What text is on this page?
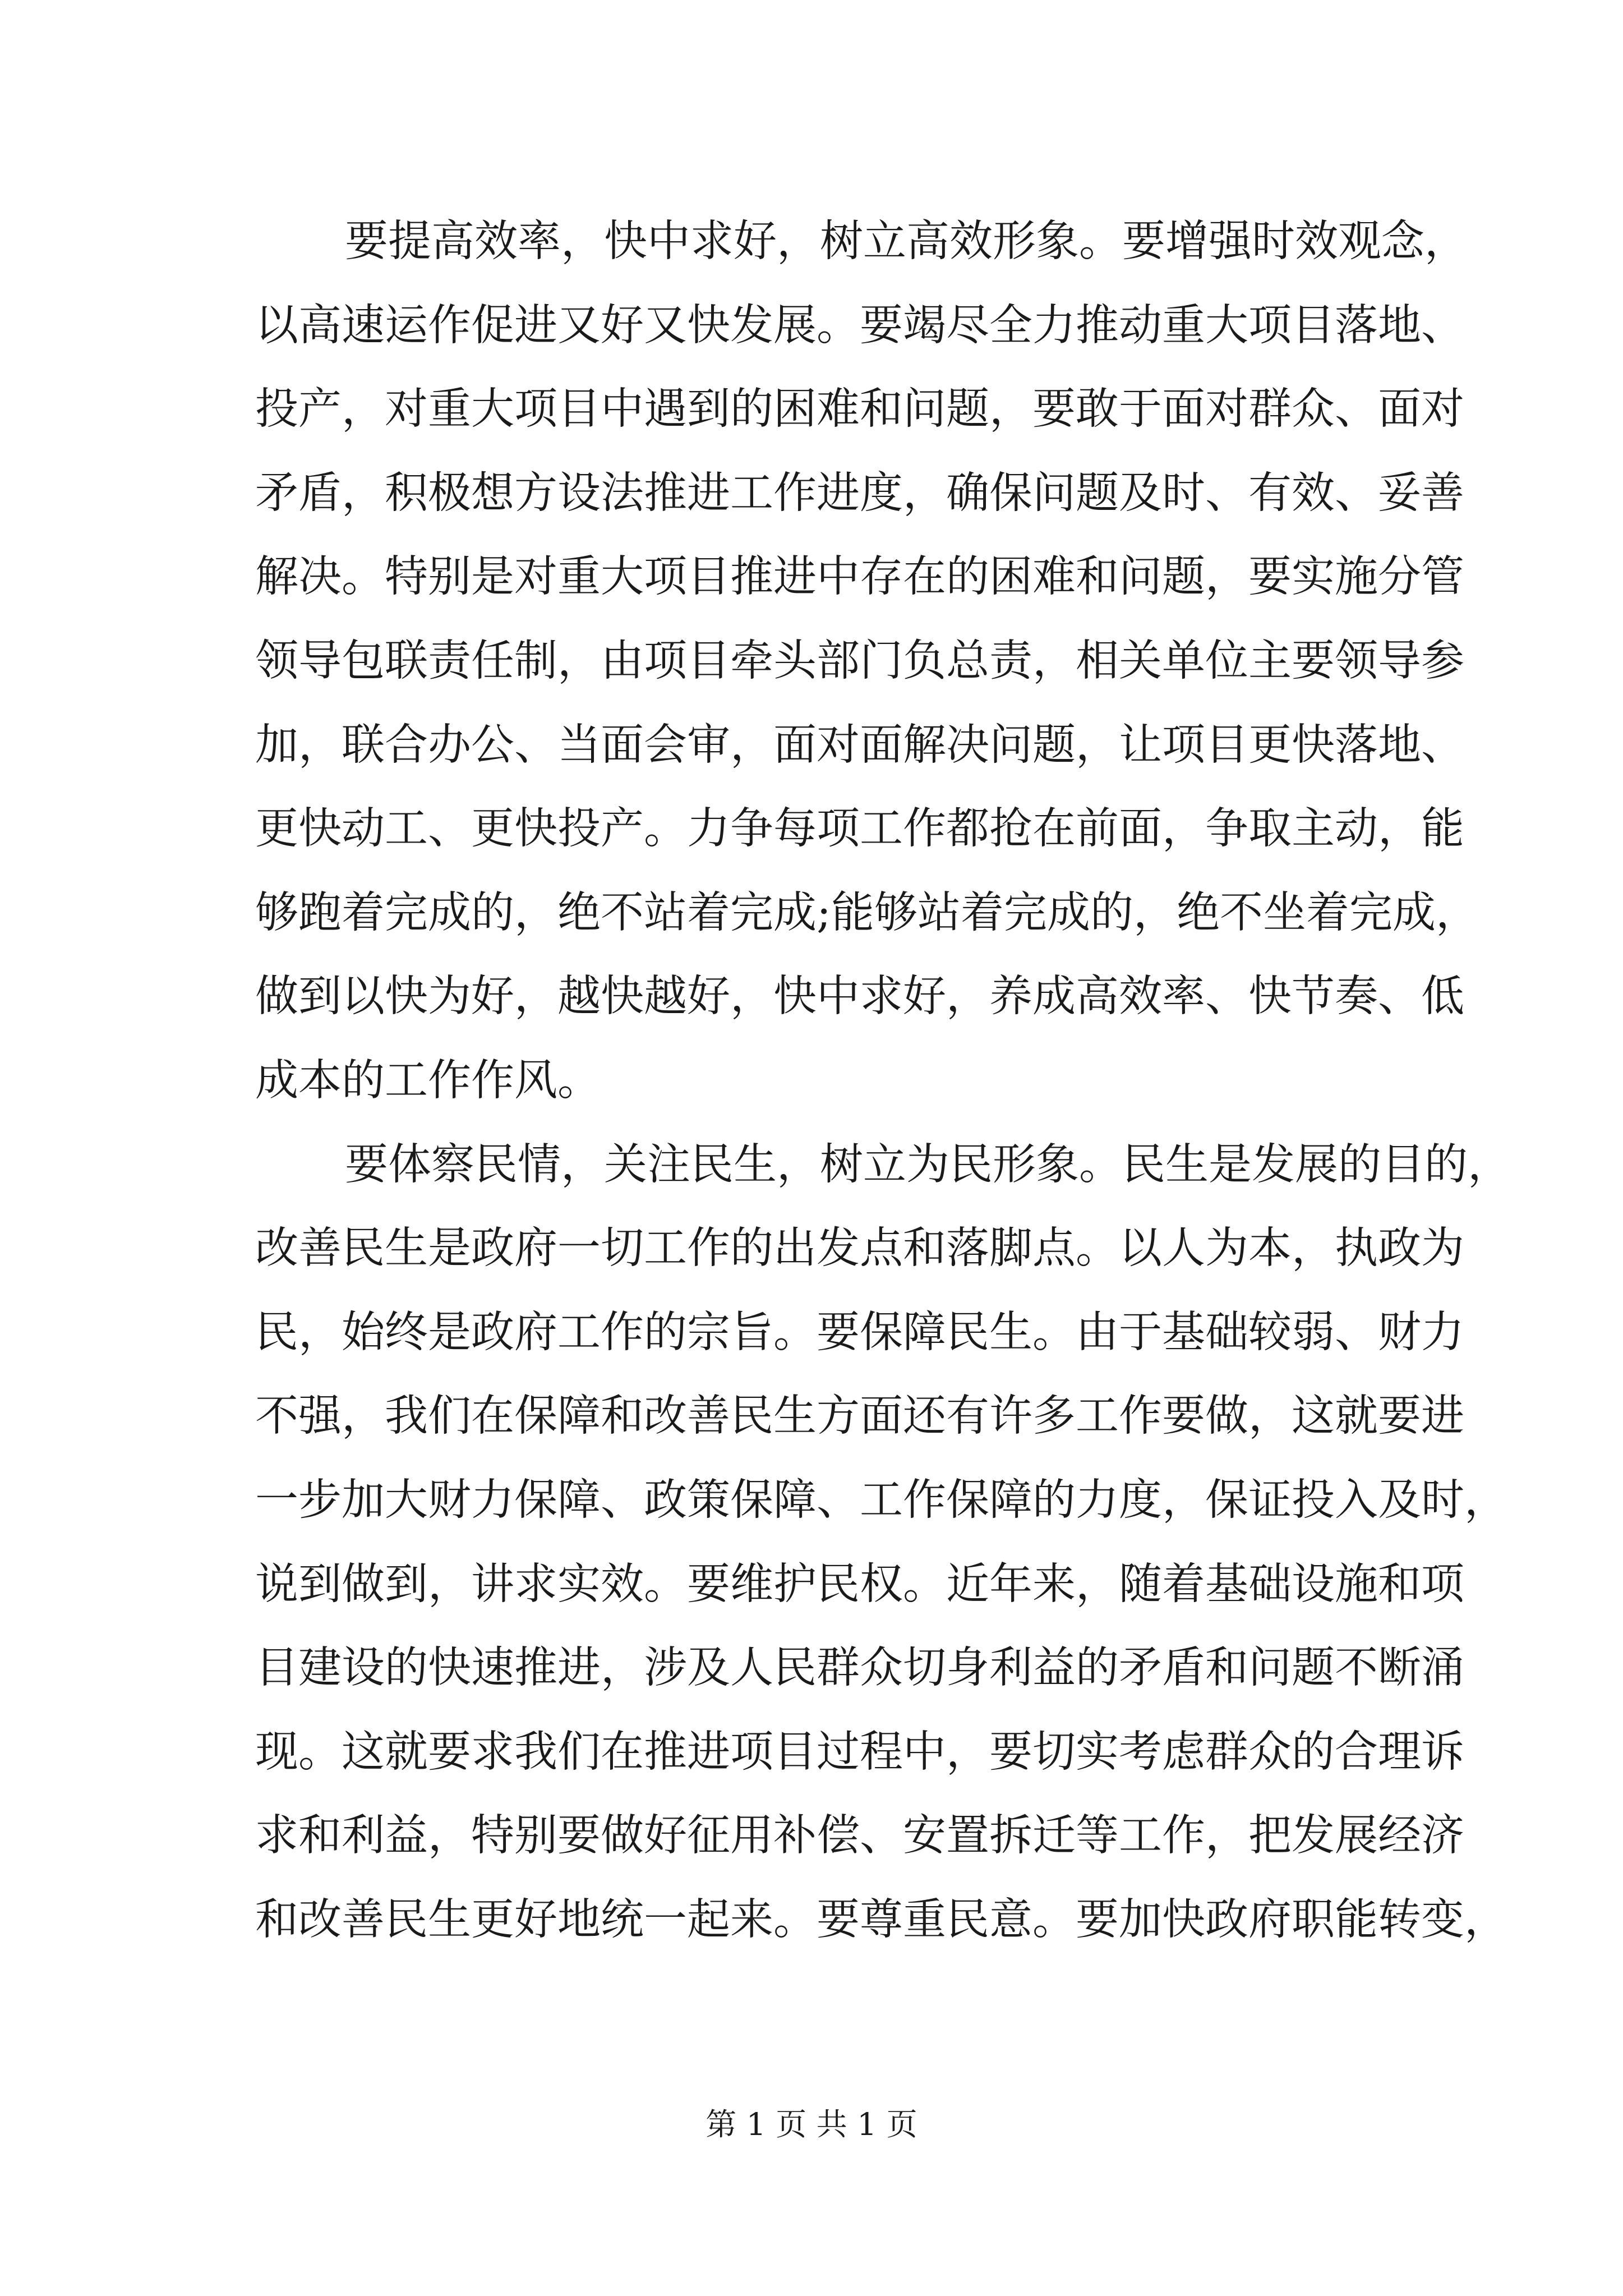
要提高效率，快中求好，树立高效形象。要增强时效观念，
以高速运作促进又好又快发展。要竭尽全力推动重大项目落地、
投产，对重大项目中遇到的困难和问题，要敢于面对群众、面对
矛盾，积极想方设法推进工作进度，确保问题及时、有效、妥善
解决。特别是对重大项目推进中存在的困难和问题，要实施分管
领导包联责任制，由项目牵头部门负总责，相关单位主要领导参
加，联合办公、当面会审，面对面解决问题，让项目更快落地、
更快动工、更快投产。力争每项工作都抢在前面，争取主动，能
够跑着完成的，绝不站着完成;能够站着完成的，绝不坐着完成，
做到以快为好，越快越好，快中求好，养成高效率、快节奏、低
成本的工作作风。
要体察民情，关注民生，树立为民形象。民生是发展的目的，
改善民生是政府一切工作的出发点和落脚点。以人为本，执政为
民，始终是政府工作的宗旨。要保障民生。由于基础较弱、财力
不强，我们在保障和改善民生方面还有许多工作要做，这就要进
一步加大财力保障、政策保障、工作保障的力度，保证投入及时，
说到做到，讲求实效。要维护民权。近年来，随着基础设施和项
目建设的快速推进，涉及人民群众切身利益的矛盾和问题不断涌
现。这就要求我们在推进项目过程中，要切实考虑群众的合理诉
求和利益，特别要做好征用补偿、安置拆迁等工作，把发展经济
和改善民生更好地统一起来。要尊重民意。要加快政府职能转变，
第 1 页 共 1 页
